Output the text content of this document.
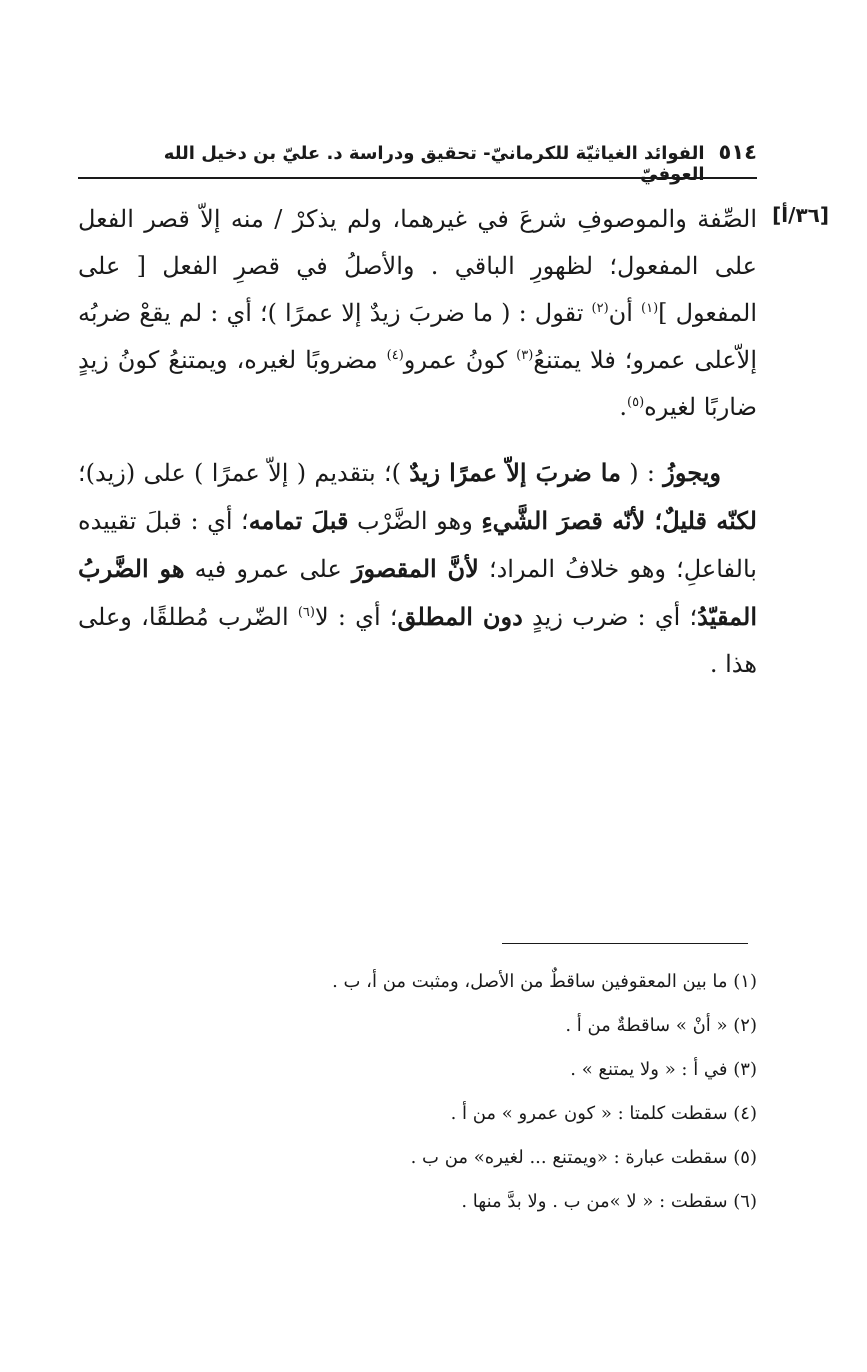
٥١٤
الفوائد الغياثيّة للكرمانيّ- تحقيق ودراسة د. عليّ بن دخيل الله العوفيّ
[٣٦/أ]

الصِّفة والموصوفِ شرعَ في غيرهما، ولم يذكرْ / منه إلاّ قصر الفعل على المفعول؛ لظهورِ الباقي . والأصلُ في قصرِ الفعل [ على المفعول ]$^{(١)}$ أن$^{(٢)}$ تقول : ( ما ضربَ زيدٌ إلا عمرًا )؛ أي : لم يقعْ ضربُه إلاّعلى عمرو؛ فلا يمتنعُ$^{(٣)}$ كونُ عمرو$^{(٤)}$ مضروبًا لغيره، ويمتنعُ كونُ زيدٍ ضاربًا لغيره$^{(٥)}$.

ويجوزُ : ( ما ضربَ إلاّ عمرًا زيدٌ )؛ بتقديم ( إلاّ عمرًا ) على (زيد)؛ لكنّه قليلٌ؛ لأنّه قصرَ الشَّيءِ وهو الضَّرْب قبلَ تمامه؛ أي : قبلَ تقييده بالفاعلِ؛ وهو خلافُ المراد؛ لأنَّ المقصورَ على عمرو فيه هو الضَّربُ المقيّدُ؛ أي : ضرب زيدٍ دون المطلق؛ أي : لا$^{(٦)}$ الضّرب مُطلقًا، وعلى هذا .

(١) ما بين المعقوفين ساقطٌ من الأصل، ومثبت من أ، ب .
(٢) « أنْ » ساقطةٌ من أ .
(٣) في أ : « ولا يمتنع » .
(٤) سقطت كلمتا : « كون عمرو » من أ .
(٥) سقطت عبارة : «ويمتنع ... لغيره» من ب .
(٦) سقطت : « لا »من ب . ولا بدَّ منها .
